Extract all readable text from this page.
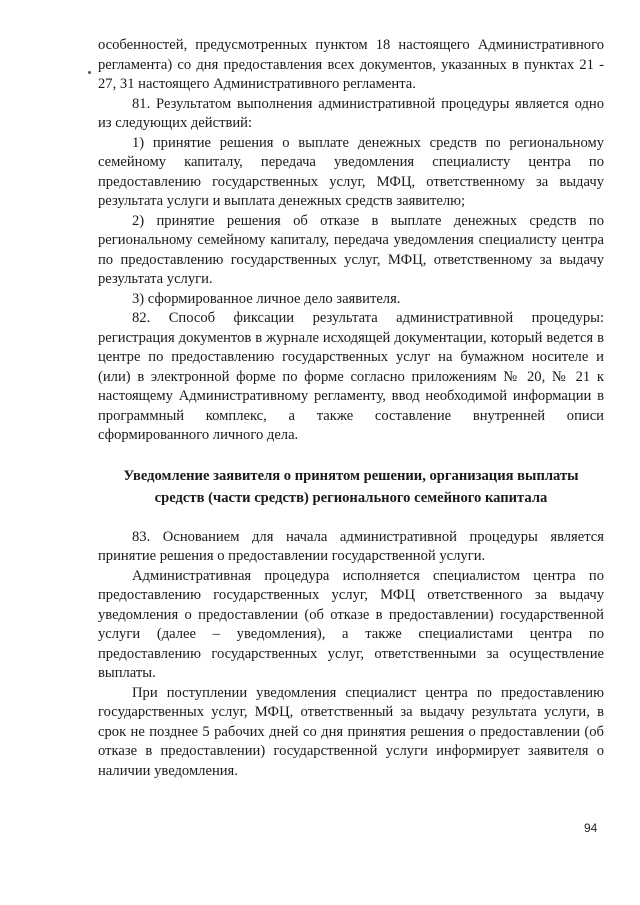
особенностей, предусмотренных пунктом 18 настоящего Административного регламента) со дня предоставления всех документов, указанных в пунктах 21 - 27, 31 настоящего Административного регламента.

81. Результатом выполнения административной процедуры является одно из следующих действий:

1) принятие решения о выплате денежных средств по региональному семейному капиталу, передача уведомления специалисту центра по предоставлению государственных услуг, МФЦ, ответственному за выдачу результата услуги и выплата денежных средств заявителю;

2) принятие решения об отказе в выплате денежных средств по региональному семейному капиталу, передача уведомления специалисту центра по предоставлению государственных услуг, МФЦ, ответственному за выдачу результата услуги.

3) сформированное личное дело заявителя.

82. Способ фиксации результата административной процедуры: регистрация документов в журнале исходящей документации, который ведется в центре по предоставлению государственных услуг на бумажном носителе и (или) в электронной форме по форме согласно приложениям № 20, № 21 к настоящему Административному регламенту, ввод необходимой информации в программный комплекс, а также составление внутренней описи сформированного личного дела.

Уведомление заявителя о принятом решении, организация выплаты средств (части средств) регионального семейного капитала

83. Основанием для начала административной процедуры является принятие решения о предоставлении государственной услуги.

Административная процедура исполняется специалистом центра по предоставлению государственных услуг, МФЦ ответственного за выдачу уведомления о предоставлении (об отказе в предоставлении) государственной услуги (далее – уведомления), а также специалистами центра по предоставлению государственных услуг, ответственными за осуществление выплаты.

При поступлении уведомления специалист центра по предоставлению государственных услуг, МФЦ, ответственный за выдачу результата услуги, в срок не позднее 5 рабочих дней со дня принятия решения о предоставлении (об отказе в предоставлении) государственной услуги информирует заявителя о наличии уведомления.

94
